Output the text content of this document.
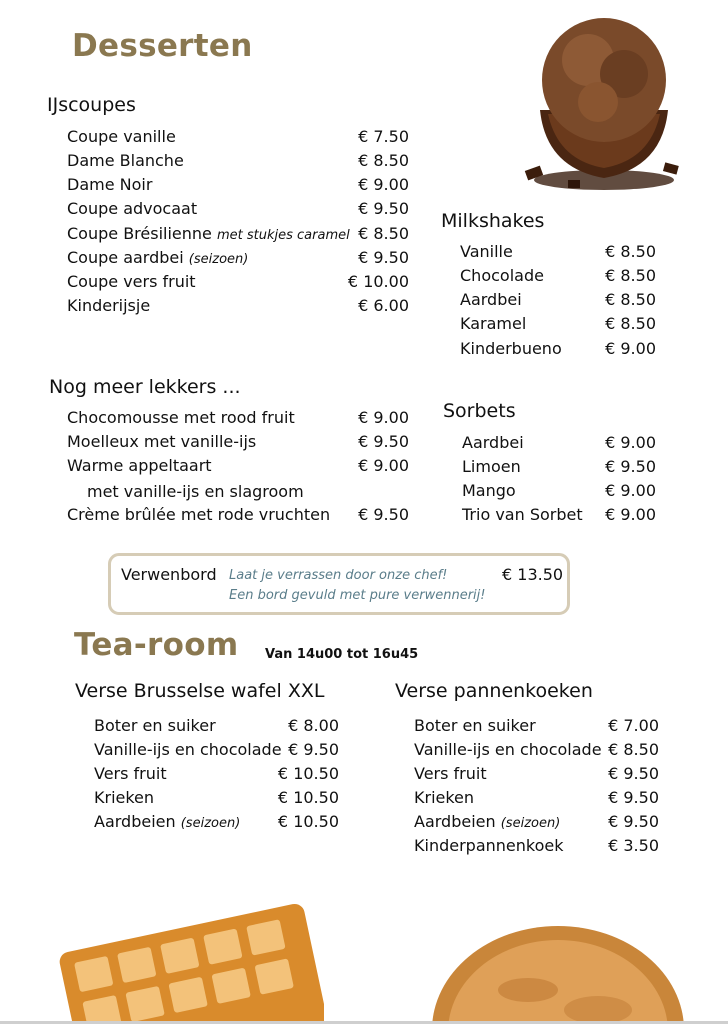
Desserten
IJscoupes
Coupe vanille	€ 7.50
Dame Blanche	€ 8.50
Dame Noir	€ 9.00
Coupe advocaat	€ 9.50
Coupe Brésilienne met stukjes caramel € 8.50
Coupe aardbei (seizoen)	€ 9.50
Coupe vers fruit	€ 10.00
Kinderijsje	€ 6.00
Milkshakes
Vanille	€ 8.50
Chocolade	€ 8.50
Aardbei	€ 8.50
Karamel	€ 8.50
Kinderbueno	€ 9.00
Nog meer lekkers ...
Chocomousse met rood fruit	€ 9.00
Moelleux met vanille-ijs	€ 9.50
Warme appeltaart	€ 9.00
met vanille-ijs en slagroom
Crème brûlée met rode vruchten € 9.50
Sorbets
Aardbei	€ 9.00
Limoen	€ 9.50
Mango	€ 9.00
Trio van Sorbet € 9.00
Verwenbord Laat je verrassen door onze chef!
Een bord gevuld met pure verwennerij!
€ 13.50
Tea-room Van 14u00 tot 16u45
Verse Brusselse wafel XXL
Boter en suiker	€ 8.00
Vanille-ijs en chocolade € 9.50
Vers fruit	€ 10.50
Krieken	€ 10.50
Aardbeien (seizoen) € 10.50
Verse pannenkoeken
Boter en suiker	€ 7.00
Vanille-ijs en chocolade € 8.50
Vers fruit	€ 9.50
Krieken	€ 9.50
Aardbeien (seizoen)	€ 9.50
Kinderpannenkoek	€ 3.50
